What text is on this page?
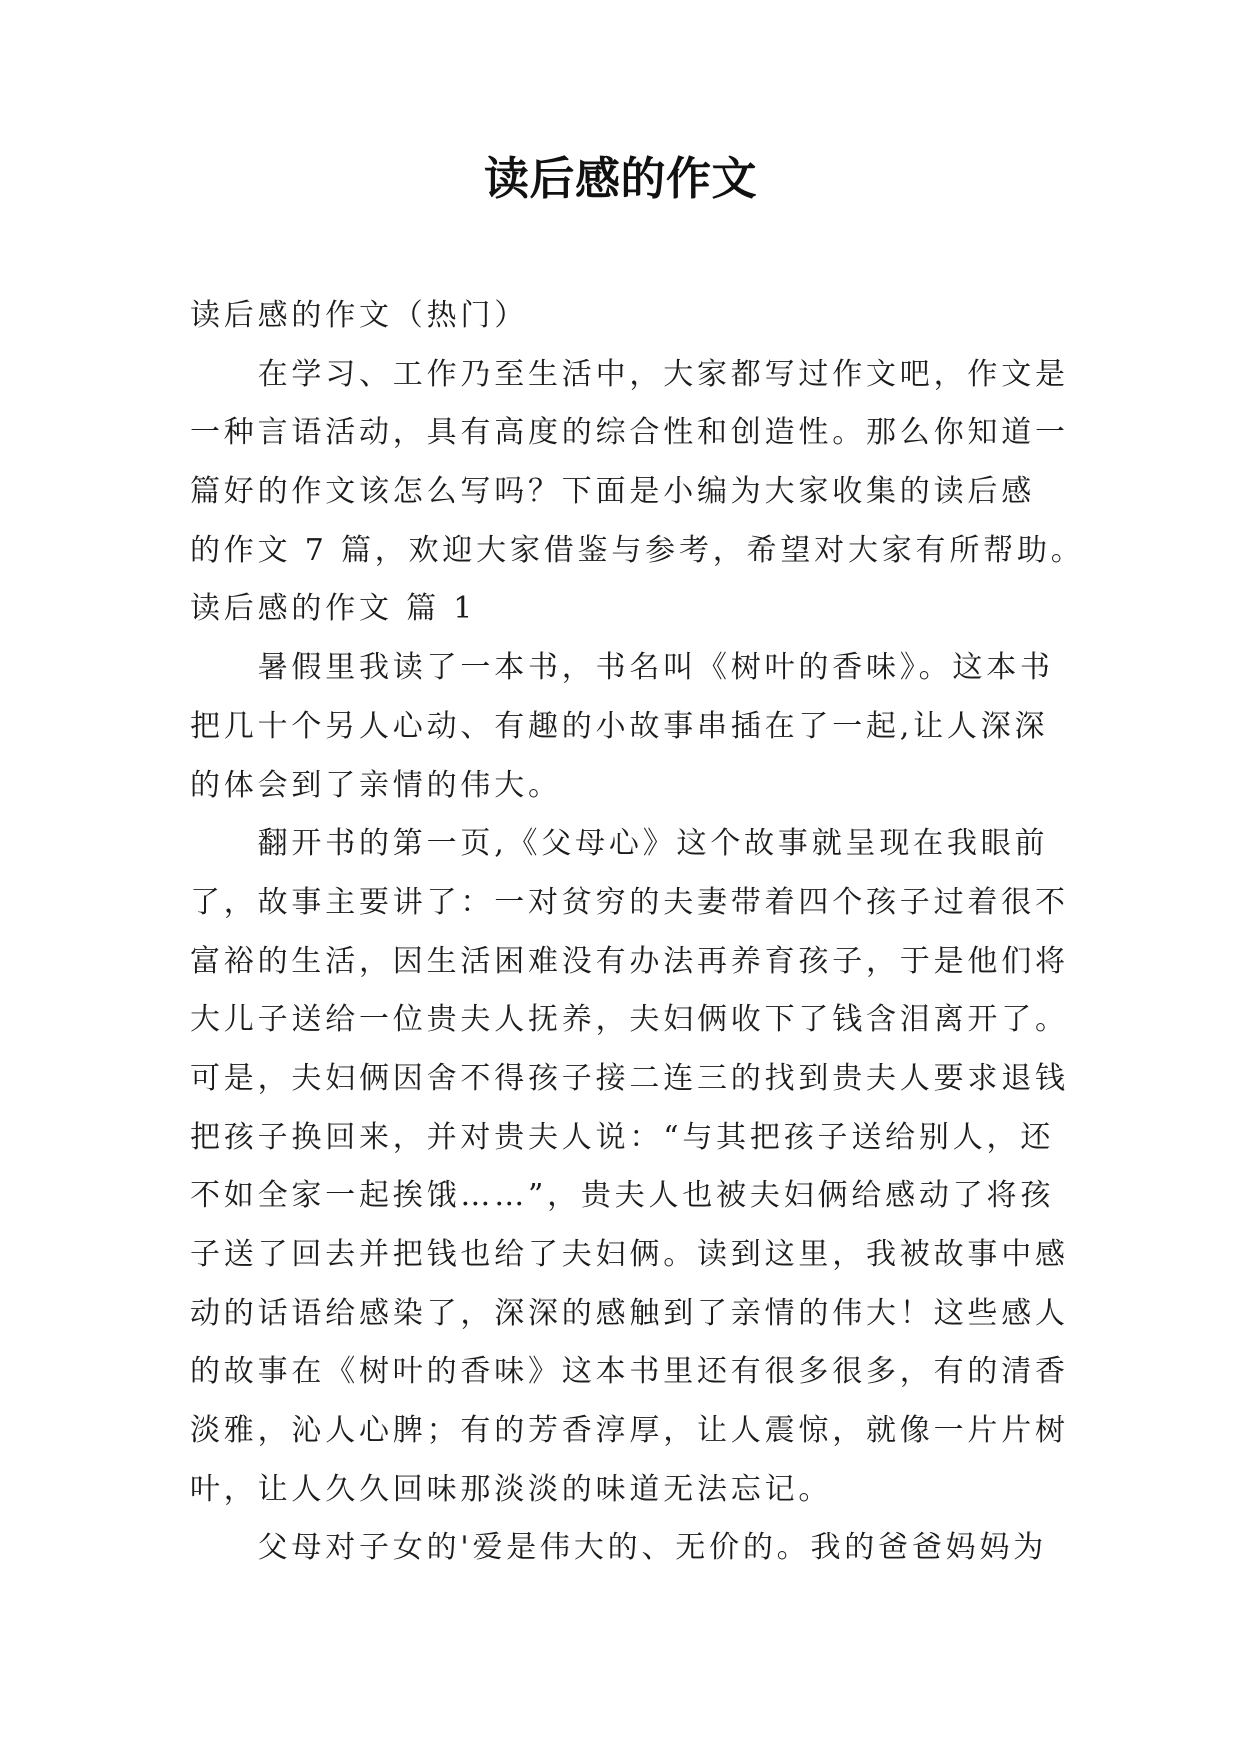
读后感的作文
读后感的作文（热门）
在学习、工作乃至生活中，大家都写过作文吧，作文是
一种言语活动，具有高度的综合性和创造性。那么你知道一
篇好的作文该怎么写吗？下面是小编为大家收集的读后感
的作文 7 篇，欢迎大家借鉴与参考，希望对大家有所帮助。
读后感的作文 篇 1
暑假里我读了一本书，书名叫《树叶的香味》。这本书
把几十个另人心动、有趣的小故事串插在了一起,让人深深
的体会到了亲情的伟大。
翻开书的第一页,《父母心》这个故事就呈现在我眼前
了，故事主要讲了：一对贫穷的夫妻带着四个孩子过着很不
富裕的生活，因生活困难没有办法再养育孩子，于是他们将
大儿子送给一位贵夫人抚养，夫妇俩收下了钱含泪离开了。
可是，夫妇俩因舍不得孩子接二连三的找到贵夫人要求退钱
把孩子换回来，并对贵夫人说：“与其把孩子送给别人，还
不如全家一起挨饿……”，贵夫人也被夫妇俩给感动了将孩
子送了回去并把钱也给了夫妇俩。读到这里，我被故事中感
动的话语给感染了，深深的感触到了亲情的伟大！这些感人
的故事在《树叶的香味》这本书里还有很多很多，有的清香
淡雅，沁人心脾；有的芳香淳厚，让人震惊，就像一片片树
叶，让人久久回味那淡淡的味道无法忘记。
父母对子女的'爱是伟大的、无价的。我的爸爸妈妈为
